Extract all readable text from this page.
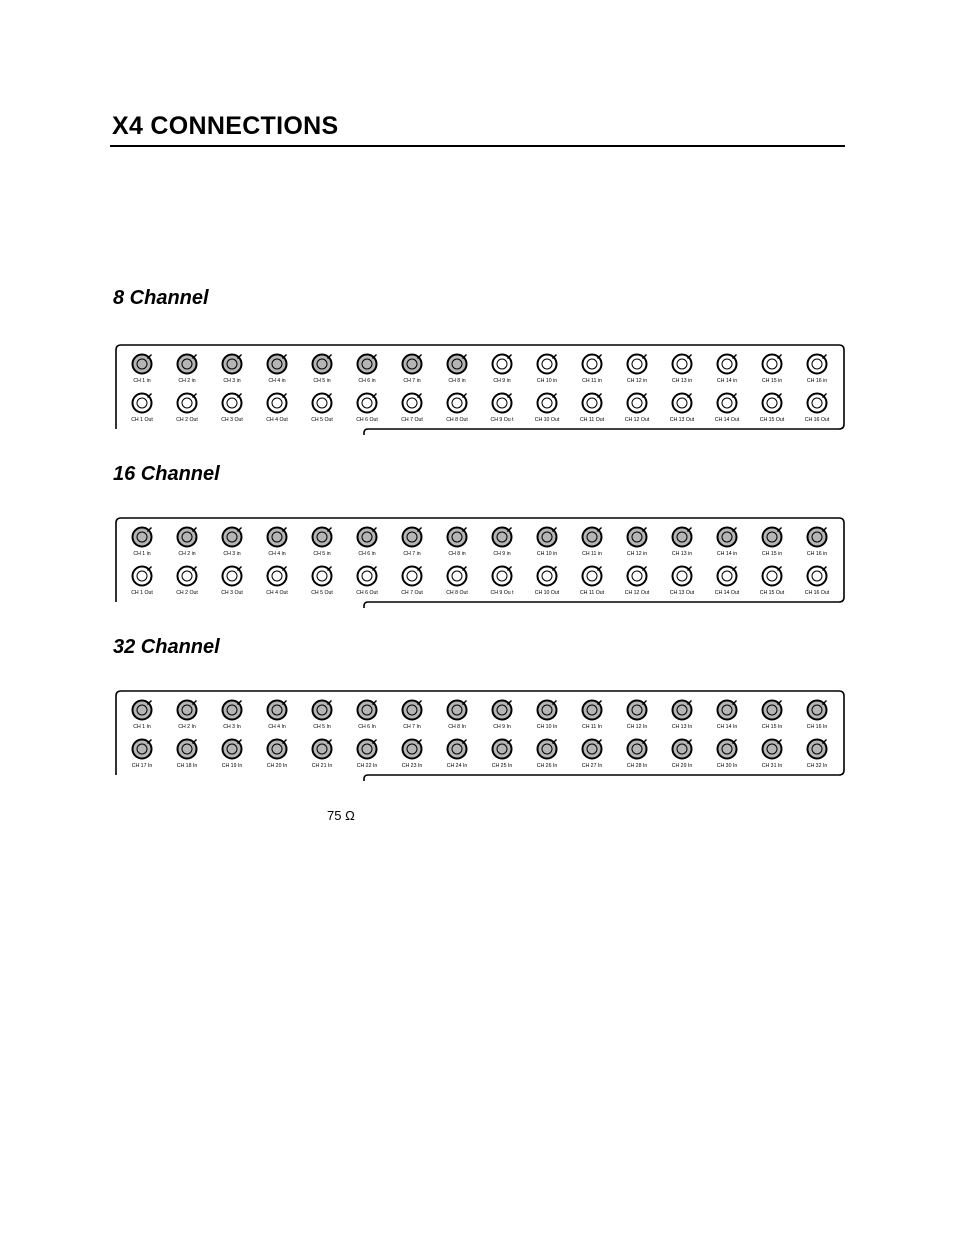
X4 CONNECTIONS
8 Channel
CH 1 in	CH 2 in	CH 3 in	CH 4 in	CH 5 in	CH 6 in	CH 7 in	CH 8 in	CH 9 in	CH 10 in	CH 11 in	CH 12 in	CH 13 in	CH 14 in	CH 15 in	CH 16 in
CH 1 Out	CH 2 Out	CH 3 Out	CH 4 Out	CH 5 Out	CH 6 Out	CH 7 Out	CH 8 Out	CH 9 Ou t	CH 10 Out	CH 11 Out	CH 12 Out	CH 13 Out	CH 14 Out	CH 15 Out	CH 16 Out
16 Channel
CH 1 in	CH 2 in	CH 3 in	CH 4 in	CH 5 in	CH 6 in	CH 7 in	CH 8 in	CH 9 in	CH 10 in	CH 11 in	CH 12 in	CH 13 in	CH 14 in	CH 15 in	CH 16 in
CH 1 Out	CH 2 Out	CH 3 Out	CH 4 Out	CH 5 Out	CH 6 Out	CH 7 Out	CH 8 Out	CH 9 Ou t	CH 10 Out	CH 11 Out	CH 12 Out	CH 13 Out	CH 14 Out	CH 15 Out	CH 16 Out
32 Channel
CH 1 In	CH 2 In	CH 3 In	CH 4 In	CH 5 In	CH 6 In	CH 7 In	CH 8 In	CH 9 In	CH 10 In	CH 11 In	CH 12 In	CH 13 In	CH 14 In	CH 15 In	CH 16 In
CH 17 In	CH 18 In	CH 19 In	CH 20 In	CH 21 In	CH 22 In	CH 23 In	CH 24 In	CH 25 In	CH 26 In	CH 27 In	CH 28 In	CH 29 In	CH 30 In	CH 31 In	CH 32 In
75 Ω
